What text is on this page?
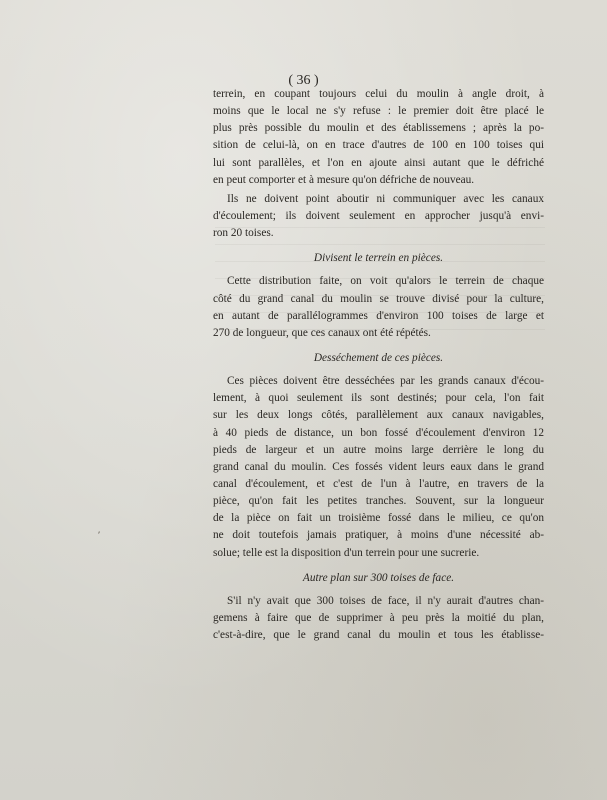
( 36 )
terrein, en coupant toujours celui du moulin à angle droit, à
moins que le local ne s'y refuse : le premier doit être placé le
plus près possible du moulin et des établissemens ; après la po-
sition de celui-là, on en trace d'autres de 100 en 100 toises qui
lui sont parallèles, et l'on en ajoute ainsi autant que le défriché
en peut comporter et à mesure qu'on défriche de nouveau.
Ils ne doivent point aboutir ni communiquer avec les canaux
d'écoulement; ils doivent seulement en approcher jusqu'à envi-
ron 20 toises.
Divisent le terrein en pièces.
Cette distribution faite, on voit qu'alors le terrein de chaque
côté du grand canal du moulin se trouve divisé pour la culture,
en autant de parallélogrammes d'environ 100 toises de large et
270 de longueur, que ces canaux ont été répétés.
Desséchement de ces pièces.
Ces pièces doivent être desséchées par les grands canaux d'écou-
lement, à quoi seulement ils sont destinés; pour cela, l'on fait
sur les deux longs côtés, parallèlement aux canaux navigables,
à 40 pieds de distance, un bon fossé d'écoulement d'environ 12
pieds de largeur et un autre moins large derrière le long du
grand canal du moulin. Ces fossés vident leurs eaux dans le grand
canal d'écoulement, et c'est de l'un à l'autre, en travers de la
pièce, qu'on fait les petites tranches. Souvent, sur la longueur
de la pièce on fait un troisième fossé dans le milieu, ce qu'on
ne doit toutefois jamais pratiquer, à moins d'une nécessité ab-
solue; telle est la disposition d'un terrein pour une sucrerie.
Autre plan sur 300 toises de face.
S'il n'y avait que 300 toises de face, il n'y aurait d'autres chan-
gemens à faire que de supprimer à peu près la moitié du plan,
c'est-à-dire, que le grand canal du moulin et tous les établisse-
⸴
